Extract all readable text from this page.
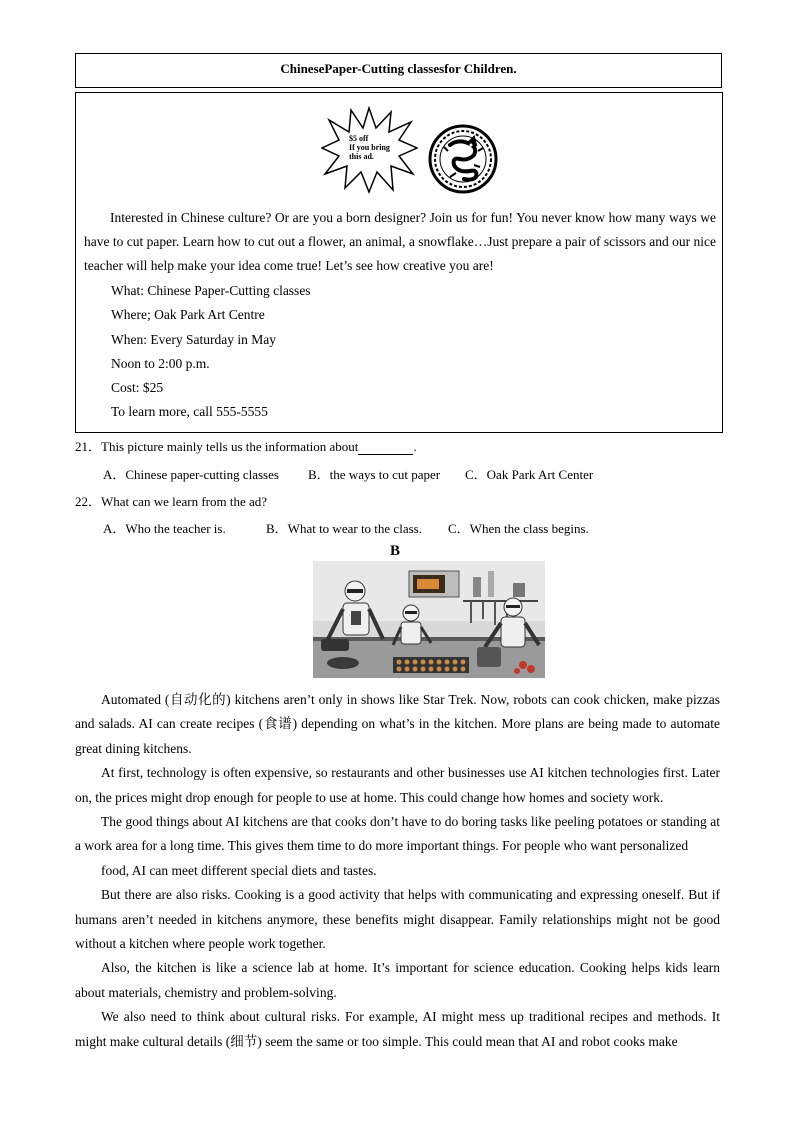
ChinesePaper-Cutting classesfor Children.
$5 off
If you bring
this ad.
Interested in Chinese culture? Or are you a born designer? Join us for fun! You never know how many ways we have to cut paper. Learn how to cut out a flower, an animal, a snowflake…Just prepare a pair of scissors and our nice teacher will help make your idea come true! Let’s see how creative you are!
What: Chinese Paper-Cutting classes
Where; Oak Park Art Centre
When: Every Saturday in May
Noon to 2:00 p.m.
Cost: $25
To learn more, call 555-5555
21．This picture mainly tells us the information about	.
A．Chinese paper-cutting classes B．the ways to cut paper C．Oak Park Art Center
22．What can we learn from the ad?
A．Who the teacher is.	B．What to wear to the class. C．When the class begins.
B

Automated (自动化的) kitchens aren’t only in shows like Star Trek. Now, robots can cook chicken, make pizzas and salads. AI can create recipes (食谱) depending on what’s in the kitchen. More plans are being made to automate great dining kitchens.

At first, technology is often expensive, so restaurants and other businesses use AI kitchen technologies first. Later on, the prices might drop enough for people to use at home. This could change how homes and society work.

The good things about AI kitchens are that cooks don’t have to do boring tasks like peeling potatoes or standing at a work area for a long time. This gives them time to do more important things. For people who want personalized

food, AI can meet different special diets and tastes.

But there are also risks. Cooking is a good activity that helps with communicating and expressing oneself. But if humans aren’t needed in kitchens anymore, these benefits might disappear. Family relationships might not be good without a kitchen where people work together.

Also, the kitchen is like a science lab at home. It’s important for science education. Cooking helps kids learn about materials, chemistry and problem-solving.

We also need to think about cultural risks. For example, AI might mess up traditional recipes and methods. It might make cultural details (细节) seem the same or too simple. This could mean that AI and robot cooks make
